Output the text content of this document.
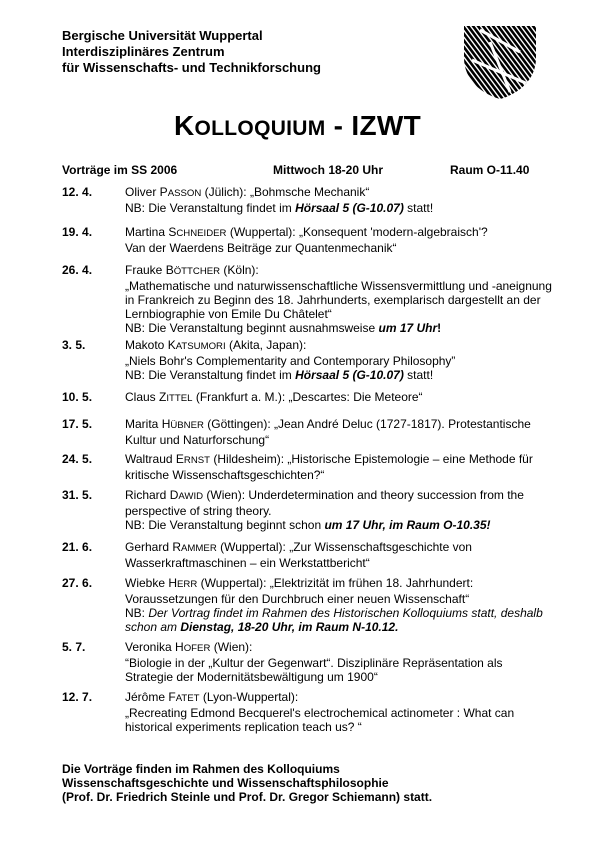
Bergische Universität Wuppertal
Interdisziplinäres Zentrum
für Wissenschafts- und Technikforschung
KOLLOQUIUM - IZWT
Vorträge im SS 2006	Mittwoch 18-20 Uhr	Raum O-11.40
12. 4.	Oliver PASSON (Jülich): „Bohmsche Mechanik“
NB: Die Veranstaltung findet im Hörsaal 5 (G-10.07) statt!
19. 4.	Martina SCHNEIDER (Wuppertal): „Konsequent 'modern-algebraisch'?
Van der Waerdens Beiträge zur Quantenmechanik“
26. 4.	Frauke BÖTTCHER (Köln):
„Mathematische und naturwissenschaftliche Wissensvermittlung und -aneignung
in Frankreich zu Beginn des 18. Jahrhunderts, exemplarisch dargestellt an der
Lernbiographie von Emile Du Châtelet“
NB: Die Veranstaltung beginnt ausnahmsweise um 17 Uhr!
3. 5.	Makoto KATSUMORI (Akita, Japan):
„Niels Bohr's Complementarity and Contemporary Philosophy”
NB: Die Veranstaltung findet im Hörsaal 5 (G-10.07) statt!
10. 5.	Claus ZITTEL (Frankfurt a. M.): „Descartes: Die Meteore“
17. 5.	Marita HÜBNER (Göttingen): „Jean André Deluc (1727-1817). Protestantische
Kultur und Naturforschung“
24. 5.	Waltraud ERNST (Hildesheim): „Historische Epistemologie – eine Methode für
kritische Wissenschaftsgeschichten?“
31. 5.	Richard DAWID (Wien): Underdetermination and theory succession from the
perspective of string theory.
NB: Die Veranstaltung beginnt schon um 17 Uhr, im Raum O-10.35!
21. 6.	Gerhard RAMMER (Wuppertal): „Zur Wissenschaftsgeschichte von
Wasserkraftmaschinen – ein Werkstattbericht“
27. 6.	Wiebke HERR (Wuppertal): „Elektrizität im frühen 18. Jahrhundert:
Voraussetzungen für den Durchbruch einer neuen Wissenschaft“
NB: Der Vortrag findet im Rahmen des Historischen Kolloquiums statt, deshalb
schon am Dienstag, 18-20 Uhr, im Raum N-10.12.
5. 7.	Veronika HOFER (Wien):
“Biologie in der „Kultur der Gegenwart“. Disziplinäre Repräsentation als
Strategie der Modernitätsbewältigung um 1900“
12. 7.	Jérôme FATET (Lyon-Wuppertal):
„Recreating Edmond Becquerel's electrochemical actinometer : What can
historical experiments replication teach us? “
Die Vorträge finden im Rahmen des Kolloquiums
Wissenschaftsgeschichte und Wissenschaftsphilosophie
(Prof. Dr. Friedrich Steinle und Prof. Dr. Gregor Schiemann) statt.
